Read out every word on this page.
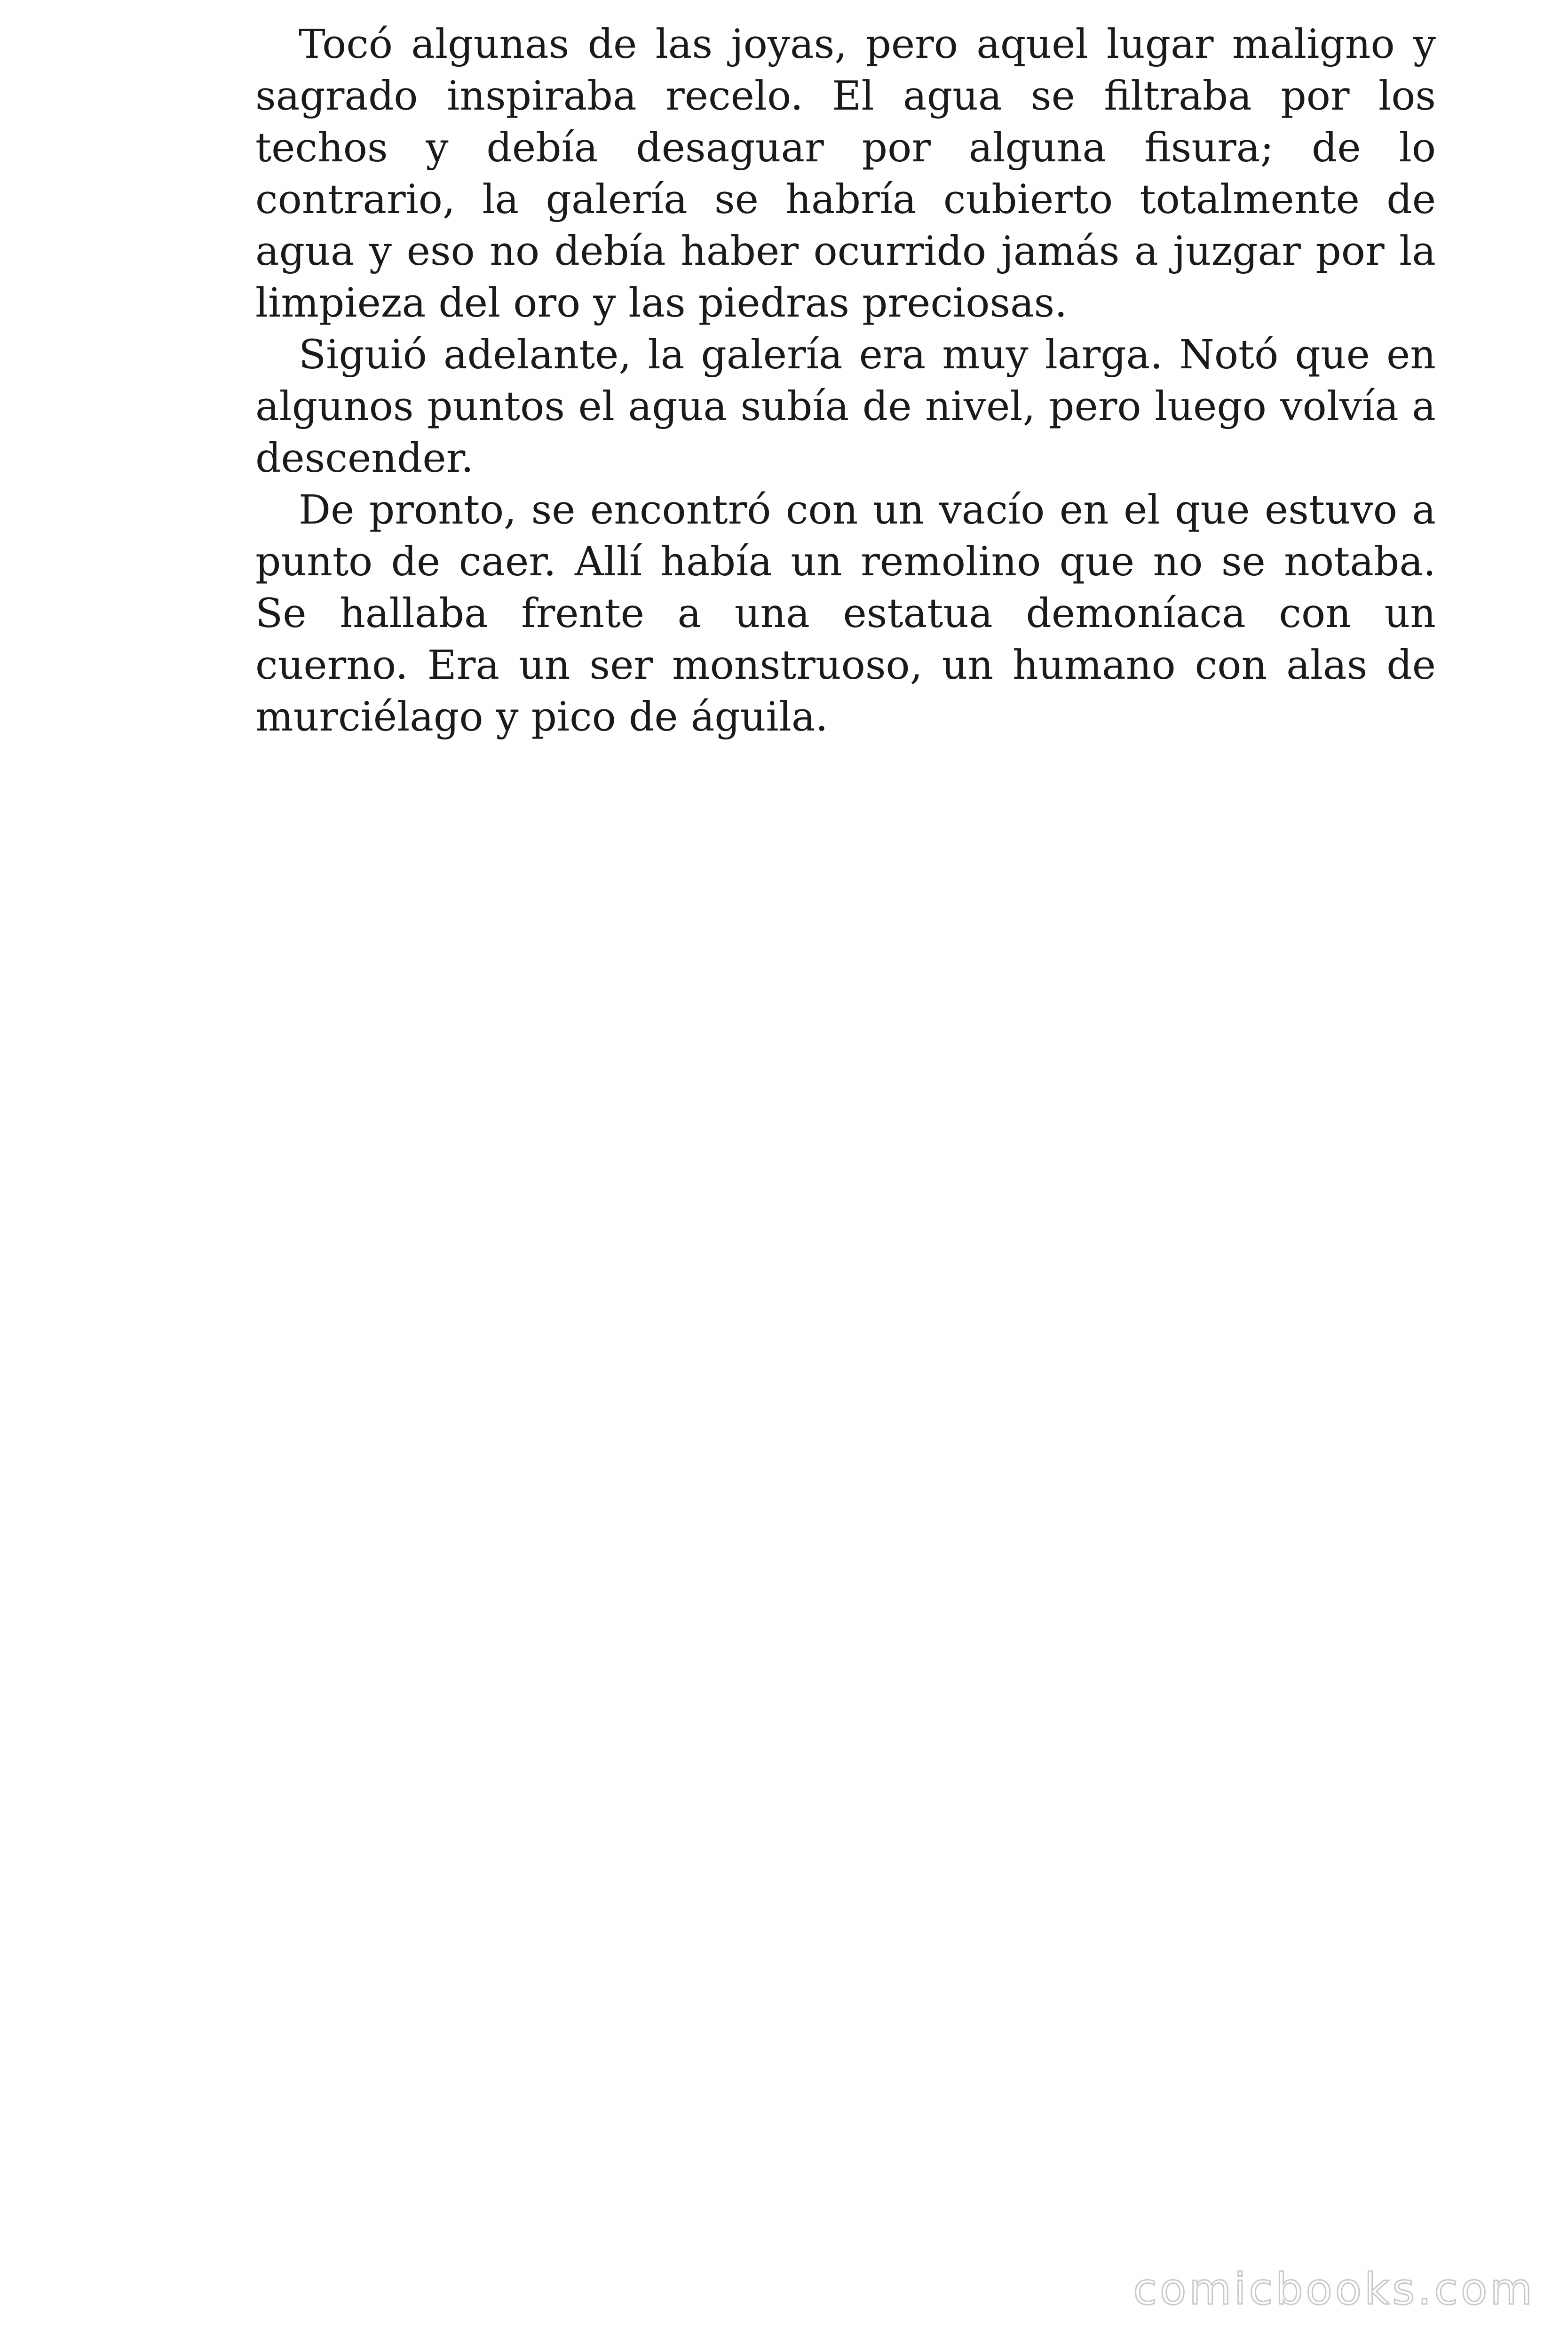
Tocó algunas de las joyas, pero aquel lugar maligno y sagrado inspiraba recelo. El agua se filtraba por los techos y debía desaguar por alguna fisura; de lo contrario, la galería se habría cubierto totalmente de agua y eso no debía haber ocurrido jamás a juzgar por la limpieza del oro y las piedras preciosas.

Siguió adelante, la galería era muy larga. Notó que en algunos puntos el agua subía de nivel, pero luego volvía a descender.

De pronto, se encontró con un vacío en el que estuvo a punto de caer. Allí había un remolino que no se notaba. Se hallaba frente a una estatua demoníaca con un cuerno. Era un ser monstruoso, un humano con alas de murciélago y pico de águila.

comicbooks.com
